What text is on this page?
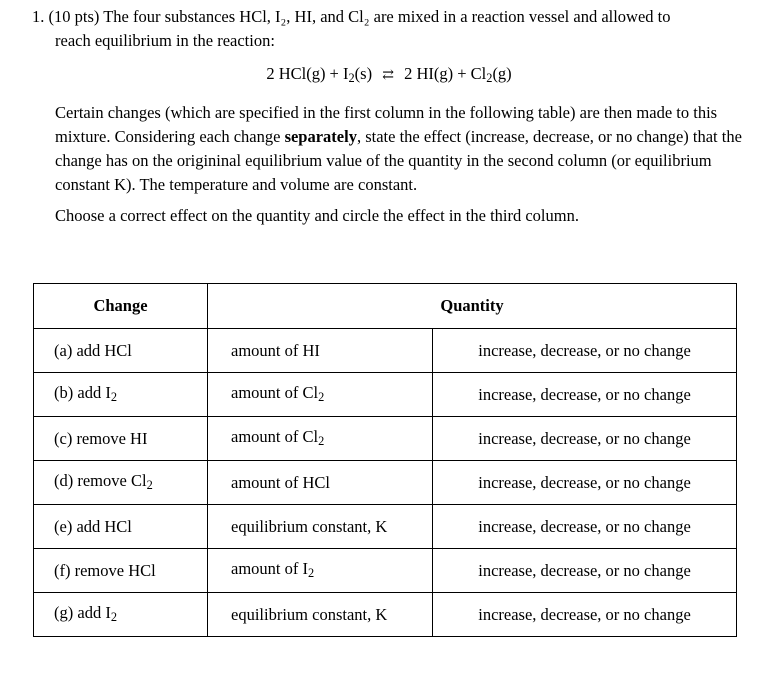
1. (10 pts) The four substances HCl, I₂, HI, and Cl₂ are mixed in a reaction vessel and allowed to
reach equilibrium in the reaction:
2 $HCl(g) + I_2(s)$ ⇄ 2 $HI(g) + Cl_2(g)$
Certain changes (which are specified in the first column in the following table) are then made to this mixture. Considering each change separately, state the effect (increase, decrease, or no change) that the change has on the origininal equilibrium value of the quantity in the second column (or equilibrium constant K). The temperature and volume are constant.
Choose a correct effect on the quantity and circle the effect in the third column.
Change	Quantity	
(a) add HCl	amount of HI	increase, decrease, or no change
(b) add $I_2$	amount of $Cl_2$	increase, decrease, or no change
(c) remove HI	amount of $Cl_2$	increase, decrease, or no change
(d) remove $Cl_2$	amount of HCl	increase, decrease, or no change
(e) add HCl	equilibrium constant, K	increase, decrease, or no change
(f) remove HCl	amount of $I_2$	increase, decrease, or no change
(g) add $I_2$	equilibrium constant, K	increase, decrease, or no change
